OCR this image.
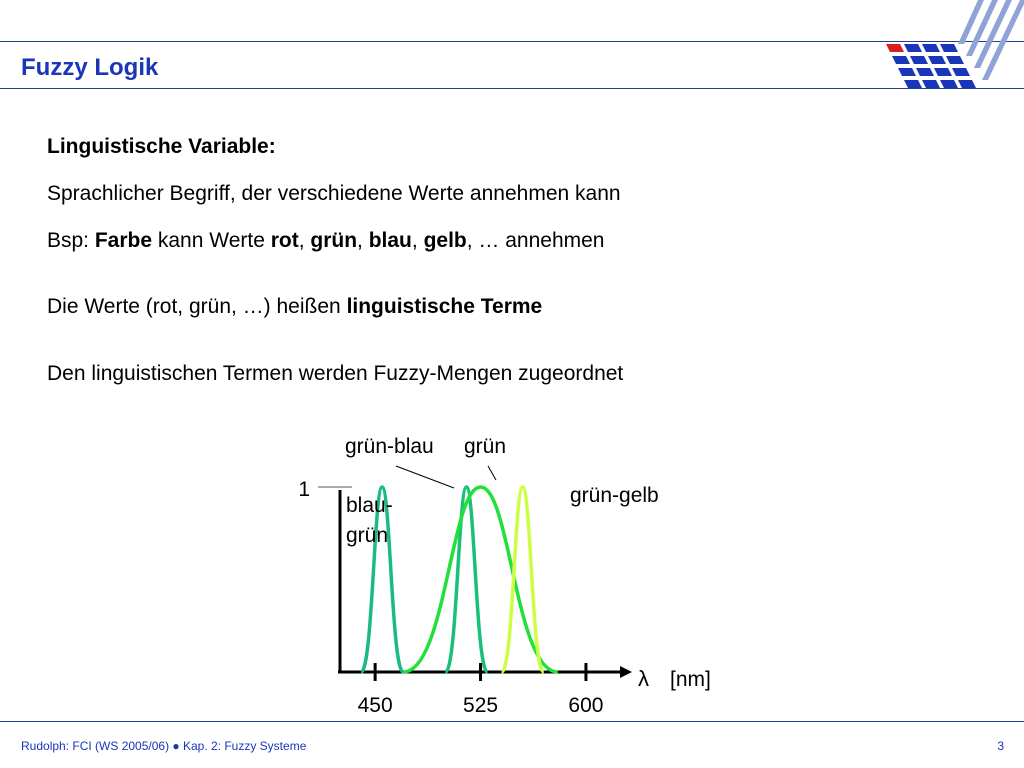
Fuzzy Logik
Linguistische Variable:
Sprachlicher Begriff, der verschiedene Werte annehmen kann
Bsp: Farbe kann Werte rot, grün, blau, gelb, … annehmen
Die Werte (rot, grün, …) heißen linguistische Terme
Den linguistischen Termen werden Fuzzy-Mengen zugeordnet
1
450	525	600
blau-
grün
grün-blau grün
grün-gelb
λ [nm]
Rudolph: FCI (WS 2005/06) ● Kap. 2: Fuzzy Systeme	3
